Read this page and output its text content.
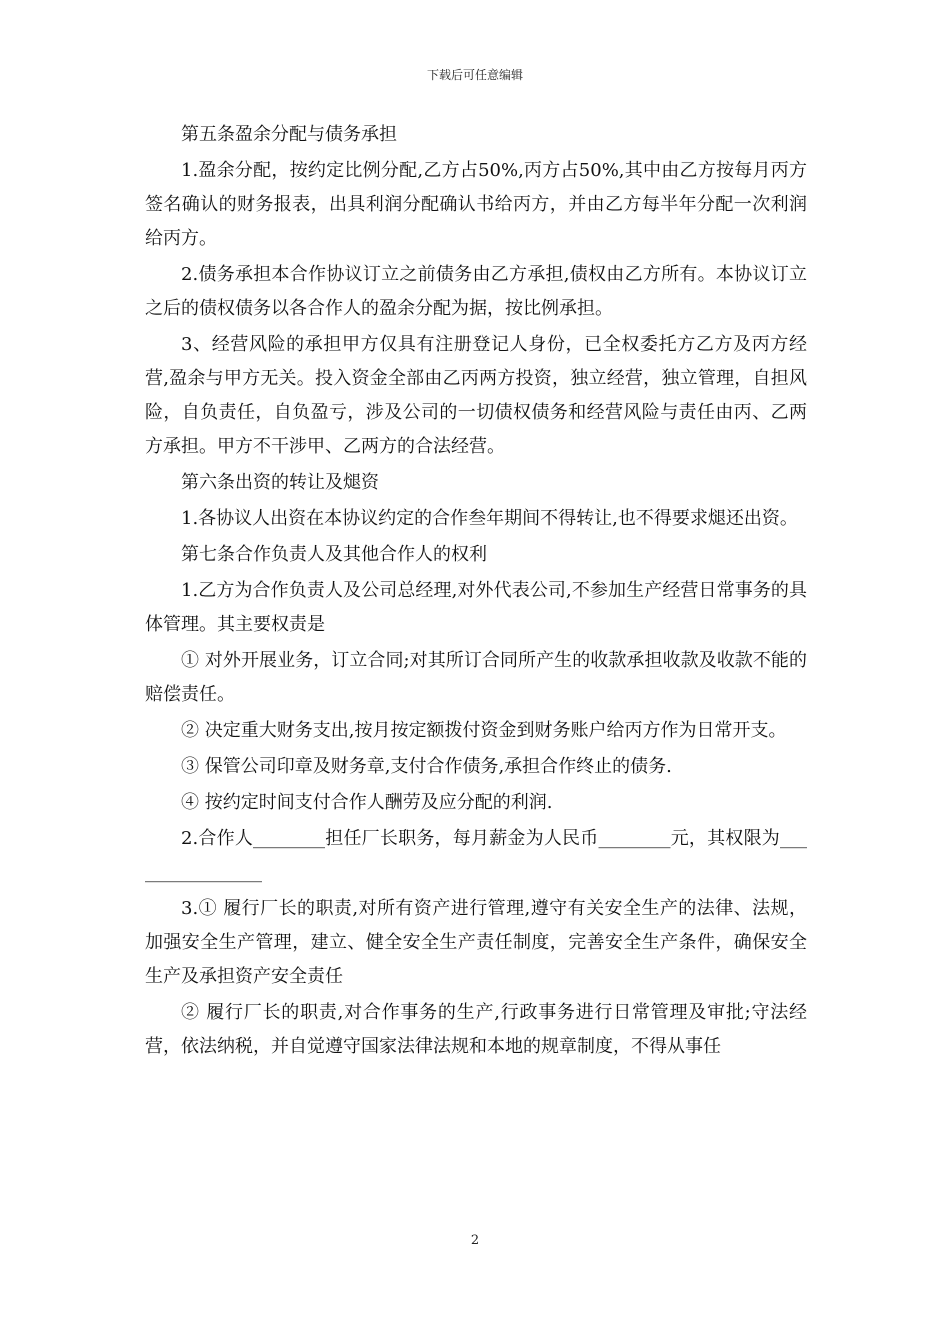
下载后可任意编辑

第五条盈余分配与债务承担

1.盈余分配，按约定比例分配,乙方占50%,丙方占50%,其中由乙方按每月丙方签名确认的财务报表，出具利润分配确认书给丙方，并由乙方每半年分配一次利润给丙方。

2.债务承担本合作协议订立之前债务由乙方承担,债权由乙方所有。本协议订立之后的债权债务以各合作人的盈余分配为据，按比例承担。

3、经营风险的承担甲方仅具有注册登记人身份，已全权委托方乙方及丙方经营,盈余与甲方无关。投入资金全部由乙丙两方投资，独立经营，独立管理，自担风险，自负责任，自负盈亏，涉及公司的一切债权债务和经营风险与责任由丙、乙两方承担。甲方不干涉甲、乙两方的合法经营。

第六条出资的转让及煺资

1.各协议人出资在本协议约定的合作叁年期间不得转让,也不得要求煺还出资。

第七条合作负责人及其他合作人的权利

1.乙方为合作负责人及公司总经理,对外代表公司,不参加生产经营日常事务的具体管理。其主要权责是

① 对外开展业务，订立合同;对其所订合同所产生的收款承担收款及收款不能的赔偿责任。

② 决定重大财务支出,按月按定额拨付资金到财务账户给丙方作为日常开支。

③ 保管公司印章及财务章,支付合作债务,承担合作终止的债务.

④ 按约定时间支付合作人酬劳及应分配的利润.

2.合作人________担任厂长职务，每月薪金为人民币________元，其权限为________________

3.① 履行厂长的职责,对所有资产进行管理,遵守有关安全生产的法律、法规，加强安全生产管理，建立、健全安全生产责任制度，完善安全生产条件，确保安全生产及承担资产安全责任

② 履行厂长的职责,对合作事务的生产,行政事务进行日常管理及审批;守法经营，依法纳税，并自觉遵守国家法律法规和本地的规章制度，不得从事任

2
